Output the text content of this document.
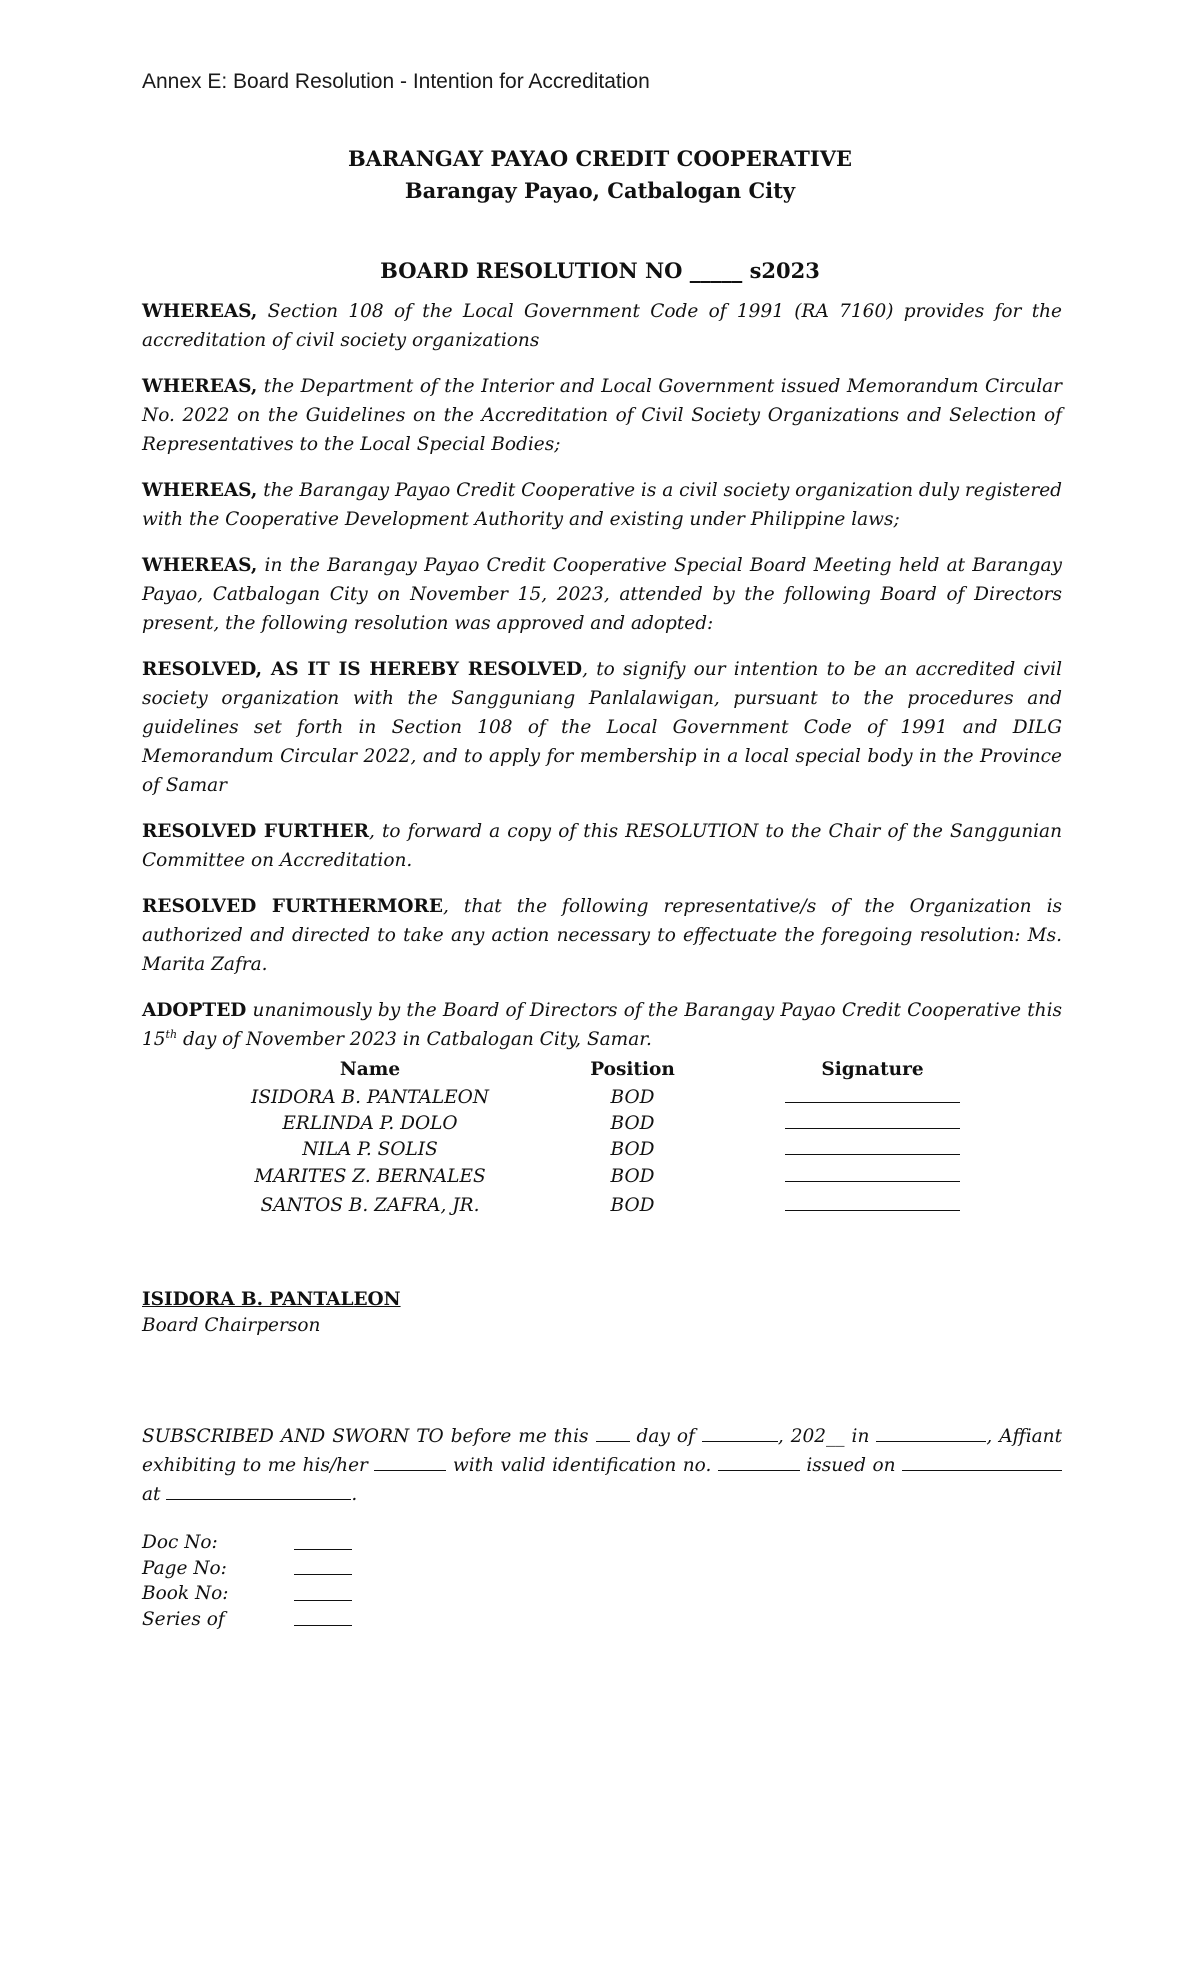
Annex E: Board Resolution - Intention for Accreditation
BARANGAY PAYAO CREDIT COOPERATIVE
Barangay Payao, Catbalogan City
BOARD RESOLUTION NO _____ s2023

WHEREAS, Section 108 of the Local Government Code of 1991 (RA 7160) provides for the accreditation of civil society organizations

WHEREAS, the Department of the Interior and Local Government issued Memorandum Circular No. 2022 on the Guidelines on the Accreditation of Civil Society Organizations and Selection of Representatives to the Local Special Bodies;

WHEREAS, the Barangay Payao Credit Cooperative is a civil society organization duly registered with the Cooperative Development Authority and existing under Philippine laws;

WHEREAS, in the Barangay Payao Credit Cooperative Special Board Meeting held at Barangay Payao, Catbalogan City on November 15, 2023, attended by the following Board of Directors present, the following resolution was approved and adopted:

RESOLVED, AS IT IS HEREBY RESOLVED, to signify our intention to be an accredited civil society organization with the Sangguniang Panlalawigan, pursuant to the procedures and guidelines set forth in Section 108 of the Local Government Code of 1991 and DILG Memorandum Circular 2022, and to apply for membership in a local special body in the Province of Samar

RESOLVED FURTHER, to forward a copy of this RESOLUTION to the Chair of the Sanggunian Committee on Accreditation.

RESOLVED FURTHERMORE, that the following representative/s of the Organization is authorized and directed to take any action necessary to effectuate the foregoing resolution: Ms. Marita Zafra.

ADOPTED unanimously by the Board of Directors of the Barangay Payao Credit Cooperative this 15th day of November 2023 in Catbalogan City, Samar.

Name	Position	Signature
ISIDORA B. PANTALEON	BOD	
ERLINDA P. DOLO	BOD	
NILA P. SOLIS	BOD	
MARITES Z. BERNALES	BOD	
SANTOS B. ZAFRA, JR.	BOD	
ISIDORA B. PANTALEON
Board Chairperson
SUBSCRIBED AND SWORN TO before me this  day of	, 202__ in	, Affiant exhibiting to me his/her	with valid identification no.	issued on  at	.
Doc No:
Page No:
Book No:
Series of
